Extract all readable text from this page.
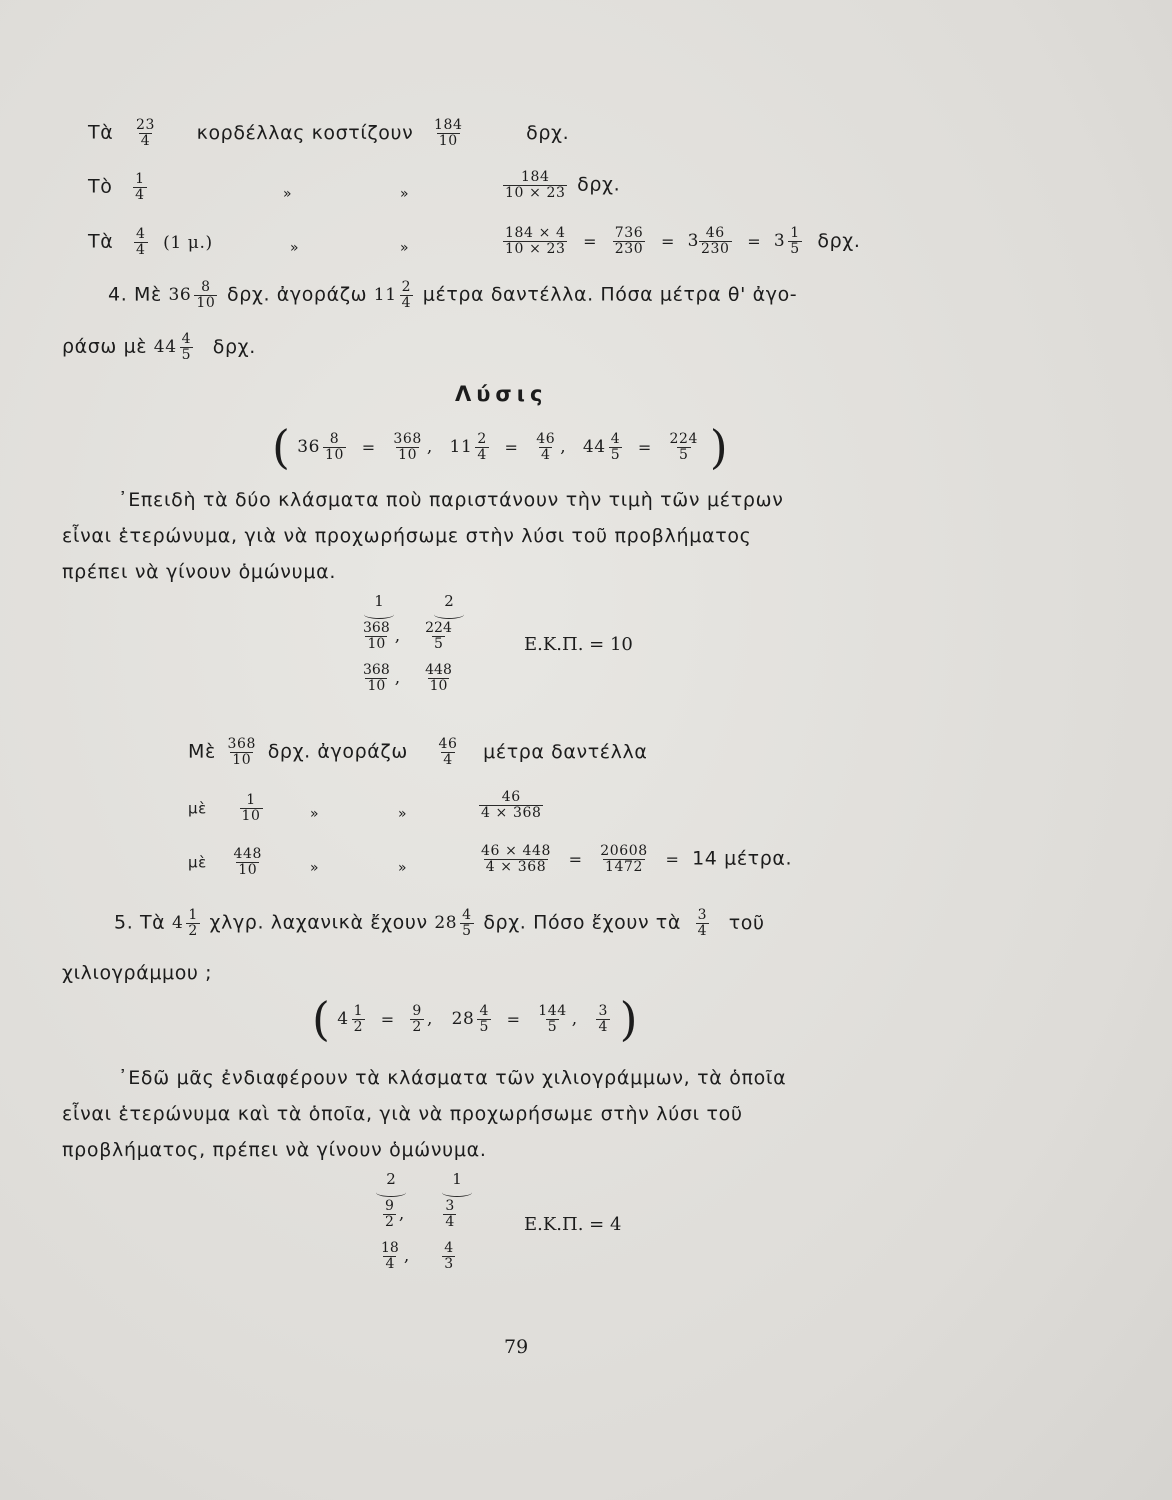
Τὰ $\frac{23}{4}$ κορδέλλας κοστίζουν $\frac{184}{10}$	δρχ.
Τὸ $\frac{1}{4}$	»	»	$\frac{184}{10 \times 23} \delta\rho\chi$.
Τὰ $\frac{4}{4} (1$ μ.)	»	»	$\frac{184 \times 4}{10 \times 23} = \frac{736}{230} = 3 \frac{46}{230} = 3 \frac{1}{5} \delta\rho\chi$.
4. Μὲ $36 \frac{8}{10} \delta\rho\chi$. ἀγοράζω $11 \frac{2}{4}$ μέτρα δαντέλλα. Πόσα μέτρα θ' ἀγο-
ράσω μὲ $44 \frac{4}{5} \delta\rho\chi$.
Λύσις
( $36 \frac{8}{10} = \frac{368}{10}$ , $11 \frac{2}{4} = \frac{46}{4}$ , $44 \frac{4}{5} = \frac{224}{5}$ )
᾿Επειδὴ τὰ δύο κλάσματα ποὺ παριστάνουν τὴν τιμὴ τῶν μέτρων
εἶναι ἑτερώνυμα, γιὰ νὰ προχωρήσωμε στὴν λύσι τοῦ προβλήματος
πρέπει νὰ γίνουν ὁμώνυμα.
1	2
$\frac{368}{10}$ , $\frac{224}{5}$
$\frac{368}{10}$ , $\frac{448}{10}$
Ε.Κ.Π. = 10
Μὲ $\frac{368}{10} \delta\rho\chi$. ἀγοράζω $\frac{46}{4}$ μέτρα δαντέλλα
μὲ $\frac{1}{10}$	»	»	$\frac{46}{4 \times 368}$
μὲ $\frac{448}{10}$	»	»	$\frac{46 \times 448}{4 \times 368} = \frac{20608}{1472} = 14$ μέτρα.
5. Τὰ $4 \frac{1}{2} \chi\lambda\gamma\rho$. λαχανικὰ ἔχουν $28 \frac{4}{5} \delta\rho\chi$. Πόσο ἔχουν τὰ $\frac{3}{4}$ τοῦ
χιλιογράμμου ;
( $4 \frac{1}{2} = \frac{9}{2}$ , $28 \frac{4}{5} = \frac{144}{5}$ , $\frac{3}{4}$ )
᾿Εδῶ μᾶς ἐνδιαφέρουν τὰ κλάσματα τῶν χιλιογράμμων, τὰ ὁποῖα
εἶναι ἑτερώνυμα καὶ τὰ ὁποῖα, γιὰ νὰ προχωρήσωμε στὴν λύσι τοῦ
προβλήματος, πρέπει νὰ γίνουν ὁμώνυμα.
2	1
$\frac{9}{2}$ ,	$\frac{3}{4}$
$\frac{18}{4}$ , $\frac{4}{3}$
Ε.Κ.Π. = 4
79
